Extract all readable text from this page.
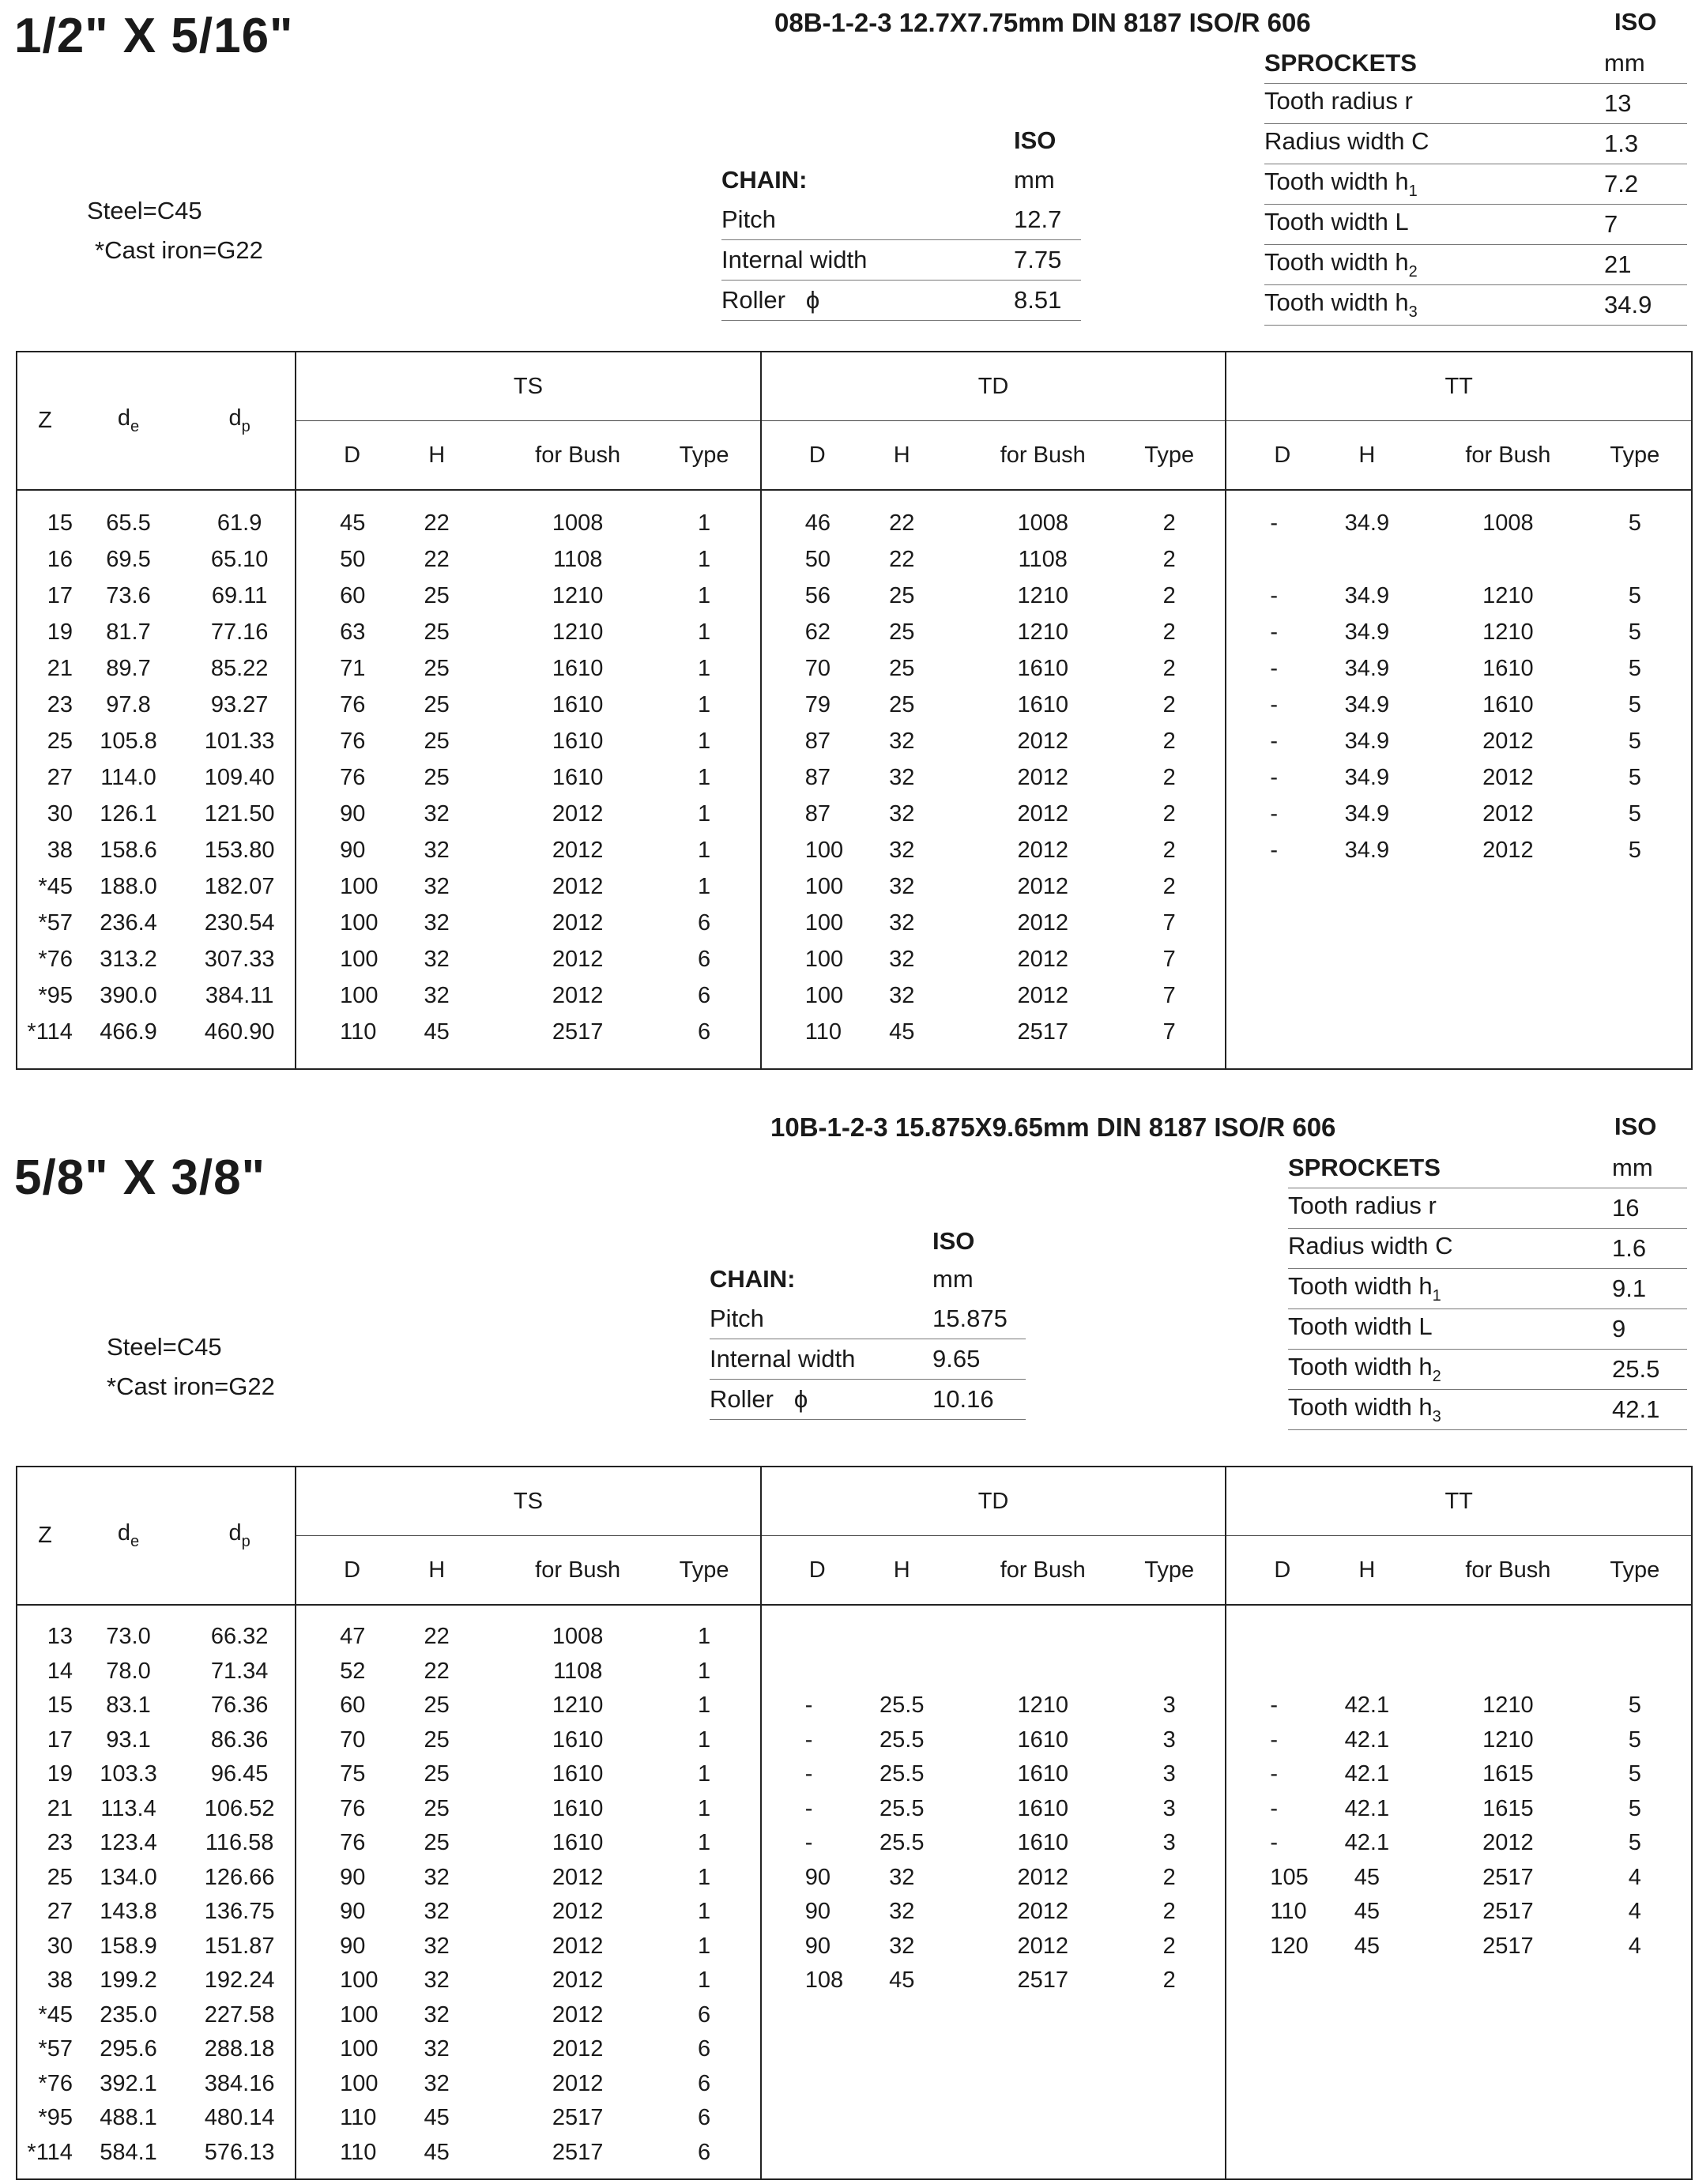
1/2" X 5/16"	08B-1-2-3 12.7X7.75mm DIN 8187 ISO/R 606	ISO
SPROCKETS	mm
Tooth radius r	13
Radius width C	1.3
Tooth width $h_1$	7.2
Tooth width L	7
Tooth width $h_2$	21
Tooth width $h_3$	34.9
ISO
CHAIN:	mm
Pitch	12.7
Internal width	7.75
Roller ϕ	8.51
Steel=C45
*Cast iron=G22
Z	$d_e$	$d_p$	TS				TD				TT			
			D	H	for Bush	Type	D	H	for Bush	Type	D	H	for Bush	Type

15	65.5	61.9	45	22	1008	1	46	22	1008	2	-	34.9	1008	5
16	69.5	65.10	50	22	1108	1	50	22	1108	2				
17	73.6	69.11	60	25	1210	1	56	25	1210	2	-	34.9	1210	5
19	81.7	77.16	63	25	1210	1	62	25	1210	2	-	34.9	1210	5
21	89.7	85.22	71	25	1610	1	70	25	1610	2	-	34.9	1610	5
23	97.8	93.27	76	25	1610	1	79	25	1610	2	-	34.9	1610	5
25	105.8	101.33	76	25	1610	1	87	32	2012	2	-	34.9	2012	5
27	114.0	109.40	76	25	1610	1	87	32	2012	2	-	34.9	2012	5
30	126.1	121.50	90	32	2012	1	87	32	2012	2	-	34.9	2012	5
38	158.6	153.80	90	32	2012	1	100	32	2012	2	-	34.9	2012	5
*45	188.0	182.07	100	32	2012	1	100	32	2012	2				
*57	236.4	230.54	100	32	2012	6	100	32	2012	7				
*76	313.2	307.33	100	32	2012	6	100	32	2012	7				
*95	390.0	384.11	100	32	2012	6	100	32	2012	7				
*114	466.9	460.90	110	45	2517	6	110	45	2517	7				

10B-1-2-3 15.875X9.65mm DIN 8187 ISO/R 606	ISO
5/8" X 3/8"	SPROCKETS	mm
Tooth radius r	16
Radius width C	1.6
Tooth width $h_1$	9.1
Tooth width L	9
Tooth width $h_2$	25.5
Tooth width $h_3$	42.1
ISO
CHAIN:	mm
Pitch	15.875
Internal width	9.65
Roller ϕ	10.16
Steel=C45
*Cast iron=G22
Z	$d_e$	$d_p$	TS				TD				TT			
			D	H	for Bush	Type	D	H	for Bush	Type	D	H	for Bush	Type

13	73.0	66.32	47	22	1008	1								
14	78.0	71.34	52	22	1108	1								
15	83.1	76.36	60	25	1210	1	-	25.5	1210	3	-	42.1	1210	5
17	93.1	86.36	70	25	1610	1	-	25.5	1610	3	-	42.1	1210	5
19	103.3	96.45	75	25	1610	1	-	25.5	1610	3	-	42.1	1615	5
21	113.4	106.52	76	25	1610	1	-	25.5	1610	3	-	42.1	1615	5
23	123.4	116.58	76	25	1610	1	-	25.5	1610	3	-	42.1	2012	5
25	134.0	126.66	90	32	2012	1	90	32	2012	2	105	45	2517	4
27	143.8	136.75	90	32	2012	1	90	32	2012	2	110	45	2517	4
30	158.9	151.87	90	32	2012	1	90	32	2012	2	120	45	2517	4
38	199.2	192.24	100	32	2012	1	108	45	2517	2				
*45	235.0	227.58	100	32	2012	6								
*57	295.6	288.18	100	32	2012	6								
*76	392.1	384.16	100	32	2012	6								
*95	488.1	480.14	110	45	2517	6								
*114	584.1	576.13	110	45	2517	6								
